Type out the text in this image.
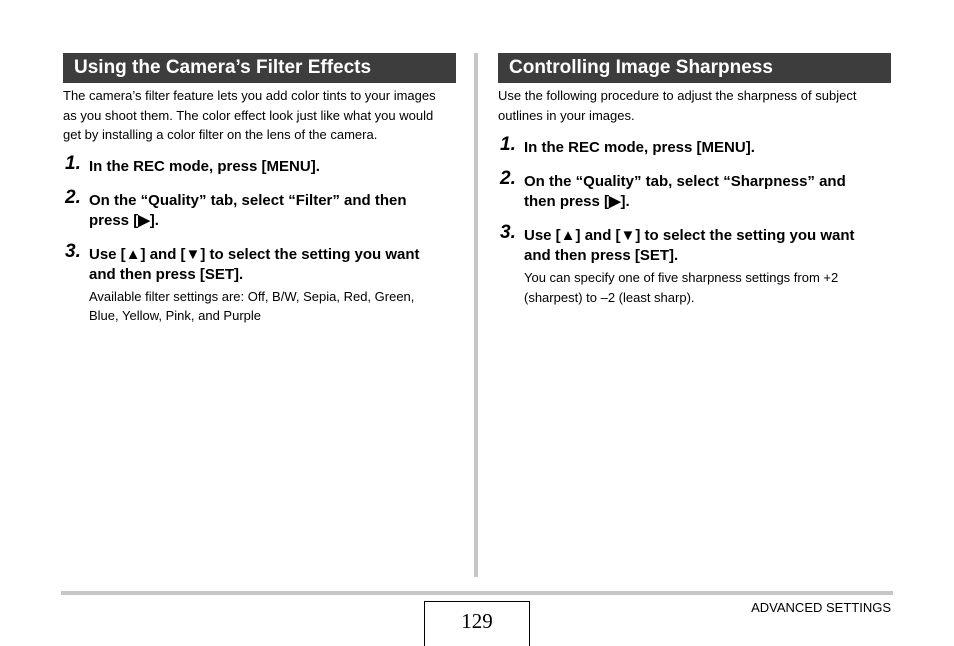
Using the Camera’s Filter Effects
The camera’s filter feature lets you add color tints to your images
as you shoot them. The color effect look just like what you would
get by installing a color filter on the lens of the camera.
1. In the REC mode, press [MENU].
2. On the “Quality” tab, select “Filter” and then
press [▶].
3. Use [▲] and [▼] to select the setting you want
and then press [SET].
Available filter settings are: Off, B/W, Sepia, Red, Green,
Blue, Yellow, Pink, and Purple
Controlling Image Sharpness
Use the following procedure to adjust the sharpness of subject
outlines in your images.
1. In the REC mode, press [MENU].
2. On the “Quality” tab, select “Sharpness” and
then press [▶].
3. Use [▲] and [▼] to select the setting you want
and then press [SET].
You can specify one of five sharpness settings from +2
(sharpest) to –2 (least sharp).
129
ADVANCED SETTINGS
